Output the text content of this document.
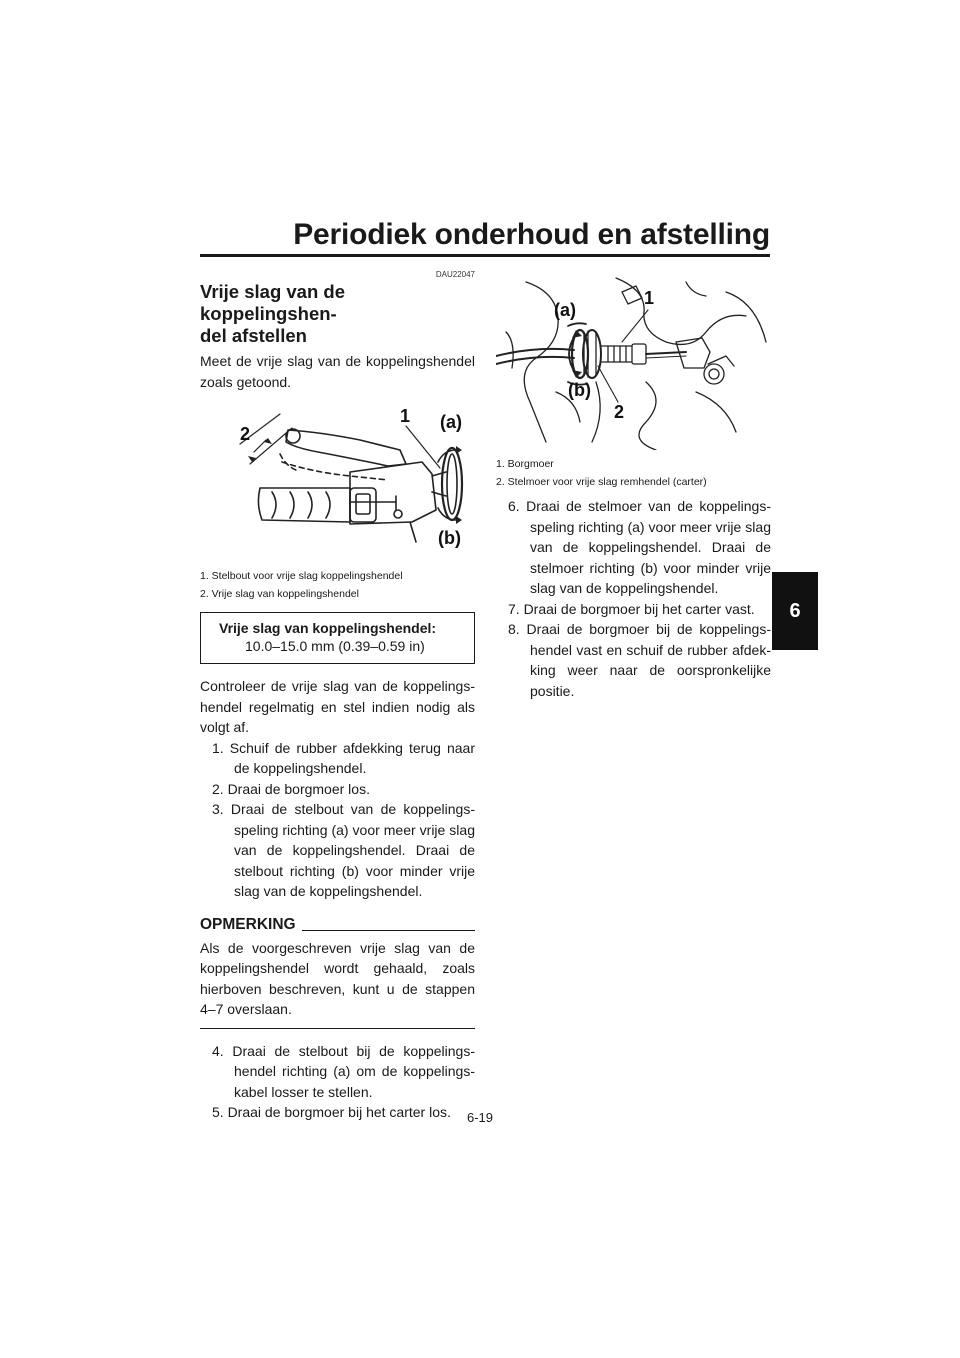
Periodiek onderhoud en afstelling
6
DAU22047
Vrije slag van de koppelingshen-
del afstellen

Meet de vrije slag van de koppelingshendel zoals getoond.

2
1 (a)
(b)
1. Stelbout voor vrije slag koppelingshendel
2. Vrije slag van koppelingshendel
Vrije slag van koppelingshendel:
10.0–15.0 mm (0.39–0.59 in)

Controleer de vrije slag van de koppelings-hendel regelmatig en stel indien nodig als volgt af.

1. Schuif de rubber afdekking terug naar de koppelingshendel.
2. Draai de borgmoer los.
3. Draai de stelbout van de koppelings-speling richting (a) voor meer vrije slag van de koppelingshendel. Draai de stelbout richting (b) voor minder vrije slag van de koppelingshendel.
OPMERKING

Als de voorgeschreven vrije slag van de koppelingshendel wordt gehaald, zoals hierboven beschreven, kunt u de stappen 4–7 overslaan.

4. Draai de stelbout bij de koppelings-hendel richting (a) om de koppelings-kabel losser te stellen.
5. Draai de borgmoer bij het carter los.
(a)
1
(b)
2
1. Borgmoer
2. Stelmoer voor vrije slag remhendel (carter)
6. Draai de stelmoer van de koppelings-speling richting (a) voor meer vrije slag van de koppelingshendel. Draai de stelmoer richting (b) voor minder vrije slag van de koppelingshendel.
7. Draai de borgmoer bij het carter vast.
8. Draai de borgmoer bij de koppelings-hendel vast en schuif de rubber afdek-king weer naar de oorspronkelijke positie.
6-19
